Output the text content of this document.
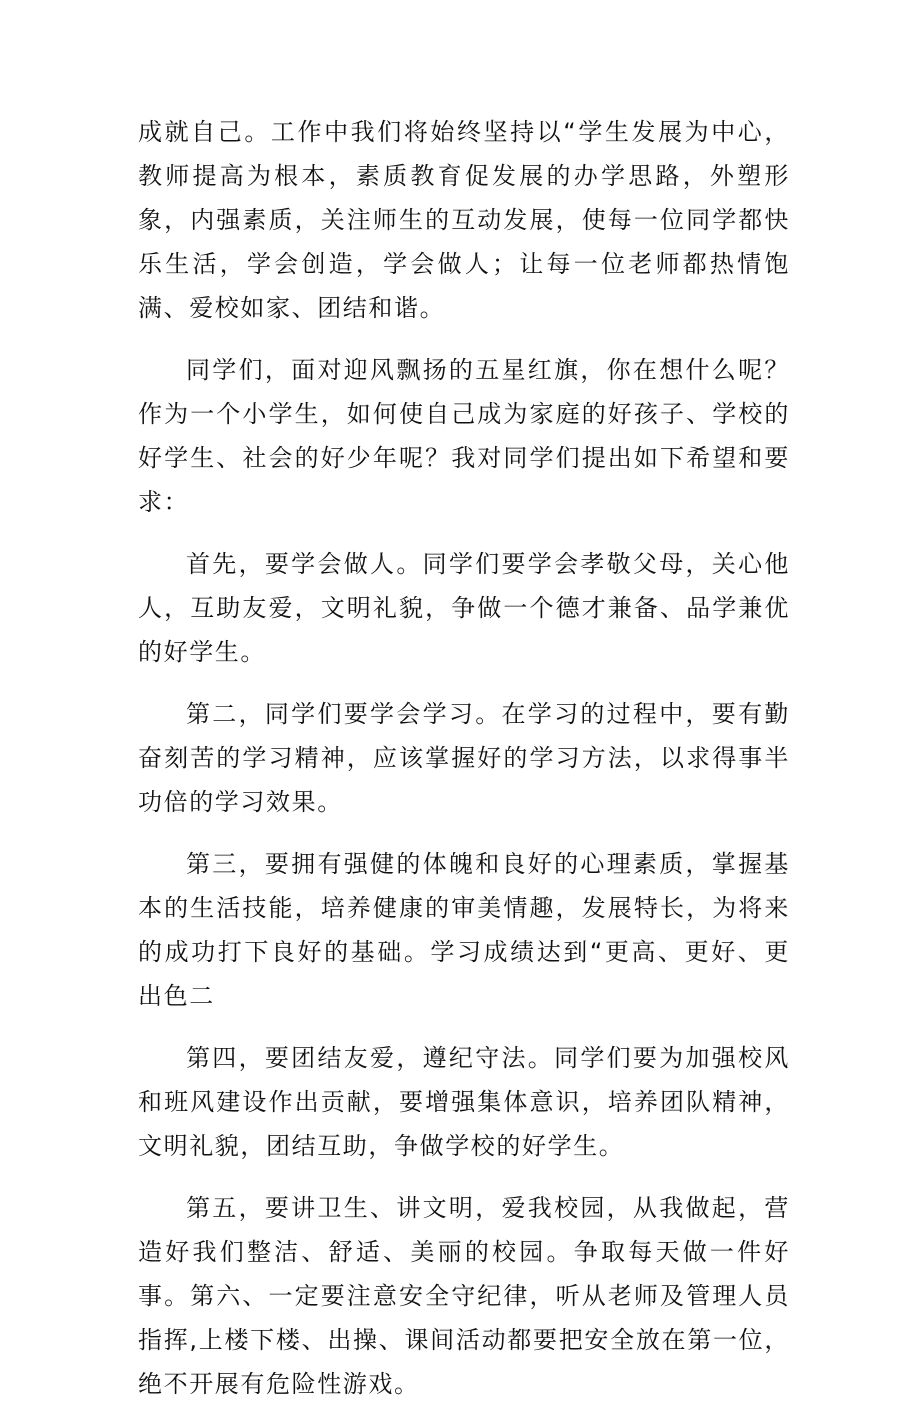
成就自己。工作中我们将始终坚持以“学生发展为中心，教师提高为根本，素质教育促发展的办学思路，外塑形象，内强素质，关注师生的互动发展，使每一位同学都快乐生活，学会创造，学会做人；让每一位老师都热情饱满、爱校如家、团结和谐。

同学们，面对迎风飘扬的五星红旗，你在想什么呢？作为一个小学生，如何使自己成为家庭的好孩子、学校的好学生、社会的好少年呢？我对同学们提出如下希望和要求：

首先，要学会做人。同学们要学会孝敬父母，关心他人，互助友爱，文明礼貌，争做一个德才兼备、品学兼优的好学生。

第二，同学们要学会学习。在学习的过程中，要有勤奋刻苦的学习精神，应该掌握好的学习方法，以求得事半功倍的学习效果。

第三，要拥有强健的体魄和良好的心理素质，掌握基本的生活技能，培养健康的审美情趣，发展特长，为将来的成功打下良好的基础。学习成绩达到“更高、更好、更出色二

第四，要团结友爱，遵纪守法。同学们要为加强校风和班风建设作出贡献，要增强集体意识，培养团队精神，文明礼貌，团结互助，争做学校的好学生。

第五，要讲卫生、讲文明，爱我校园，从我做起，营造好我们整洁、舒适、美丽的校园。争取每天做一件好事。第六、一定要注意安全守纪律，听从老师及管理人员指挥,上楼下楼、出操、课间活动都要把安全放在第一位，绝不开展有危险性游戏。
